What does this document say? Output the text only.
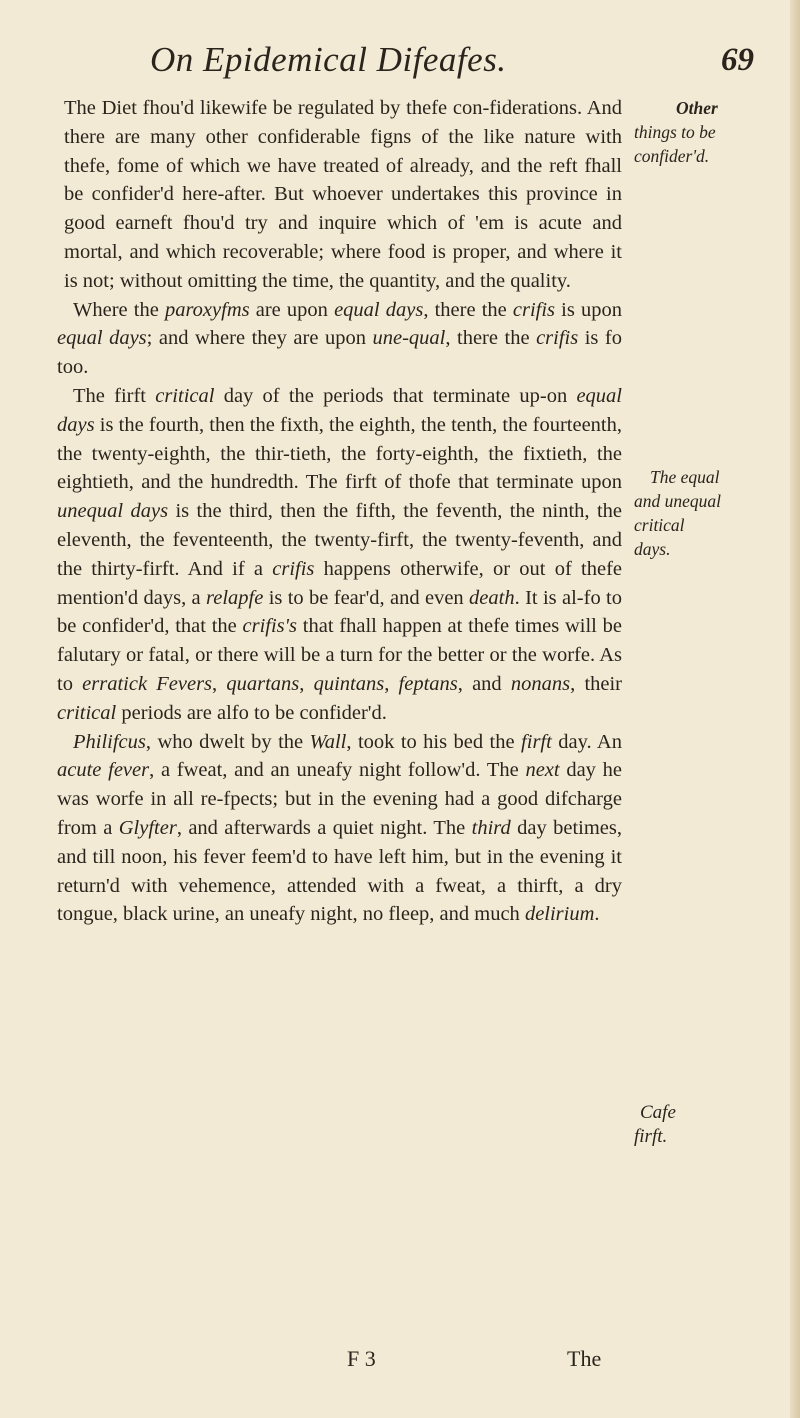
On Epidemical Difeafes.	69

The Diet fhou'd likewife be regulated by thefe con-fiderations. And there are many other confiderable figns of the like nature with thefe, fome of which we have treated of already, and the reft fhall be confider'd here-after. But whoever undertakes this province in good earneft fhou'd try and inquire which of 'em is acute and mortal, and which recoverable; where food is proper, and where it is not; without omitting the time, the quantity, and the quality.

Where the paroxyfms are upon equal days, there the crifis is upon equal days; and where they are upon une-qual, there the crifis is fo too.

The firft critical day of the periods that terminate up-on equal days is the fourth, then the fixth, the eighth, the tenth, the fourteenth, the twenty-eighth, the thir-tieth, the forty-eighth, the fixtieth, the eightieth, and the hundredth. The firft of thofe that terminate upon unequal days is the third, then the fifth, the feventh, the ninth, the eleventh, the feventeenth, the twenty-firft, the twenty-feventh, and the thirty-firft. And if a crifis happens otherwife, or out of thefe mention'd days, a relapfe is to be fear'd, and even death. It is al-fo to be confider'd, that the crifis's that fhall happen at thefe times will be falutary or fatal, or there will be a turn for the better or the worfe. As to erratick Fevers, quartans, quintans, feptans, and nonans, their critical periods are alfo to be confider'd.

Philifcus, who dwelt by the Wall, took to his bed the firft day. An acute fever, a fweat, and an uneafy night follow'd. The next day he was worfe in all re-fpects; but in the evening had a good difcharge from a Glyfter, and afterwards a quiet night. The third day betimes, and till noon, his fever feem'd to have left him, but in the evening it return'd with vehemence, attended with a fweat, a thirft, a dry tongue, black urine, an uneafy night, no fleep, and much delirium.

Other
things to be
confider'd.
The equal
and unequal
critical
days.
Cafe
firft.
F 3	The
